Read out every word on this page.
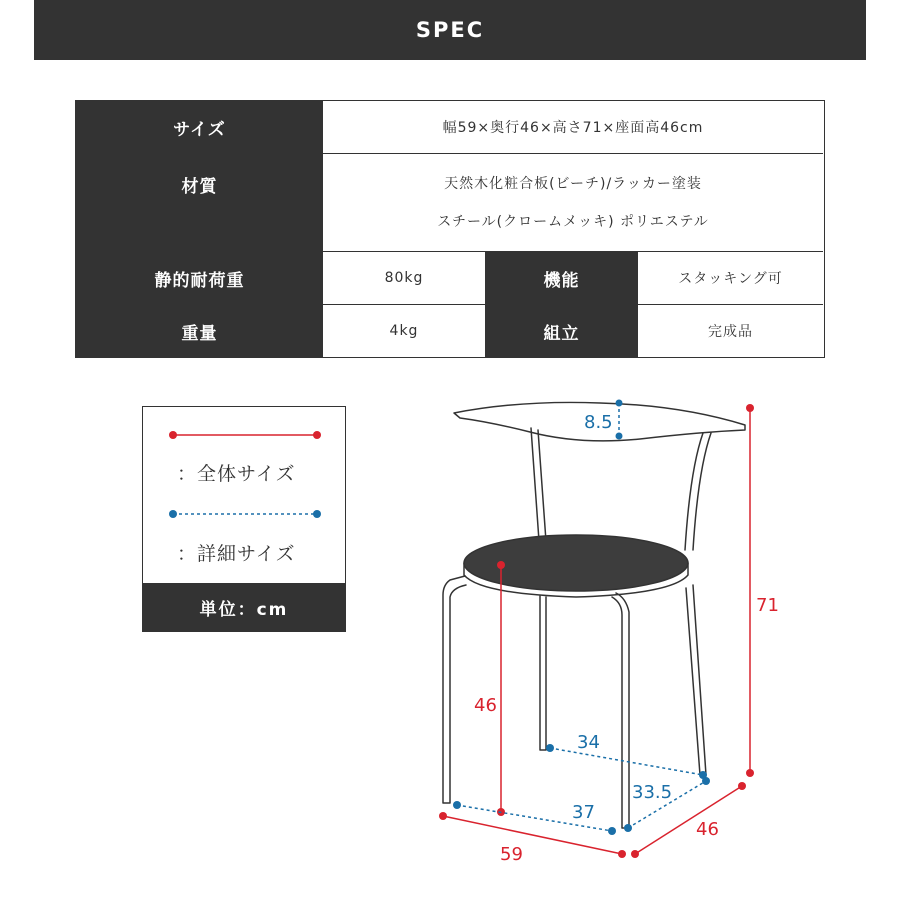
SPEC
サイズ	幅59×奥行46×高さ71×座面高46cm
材質	天然木化粧合板(ビーチ)/ラッカー塗装
スチール(クロームメッキ) ポリエステル
静的耐荷重	80kg	機能	スタッキング可
重量	4kg	組立	完成品
：全体サイズ
：詳細サイズ
単位：cm
8.5
71
46
34
33.5
37
46
59
